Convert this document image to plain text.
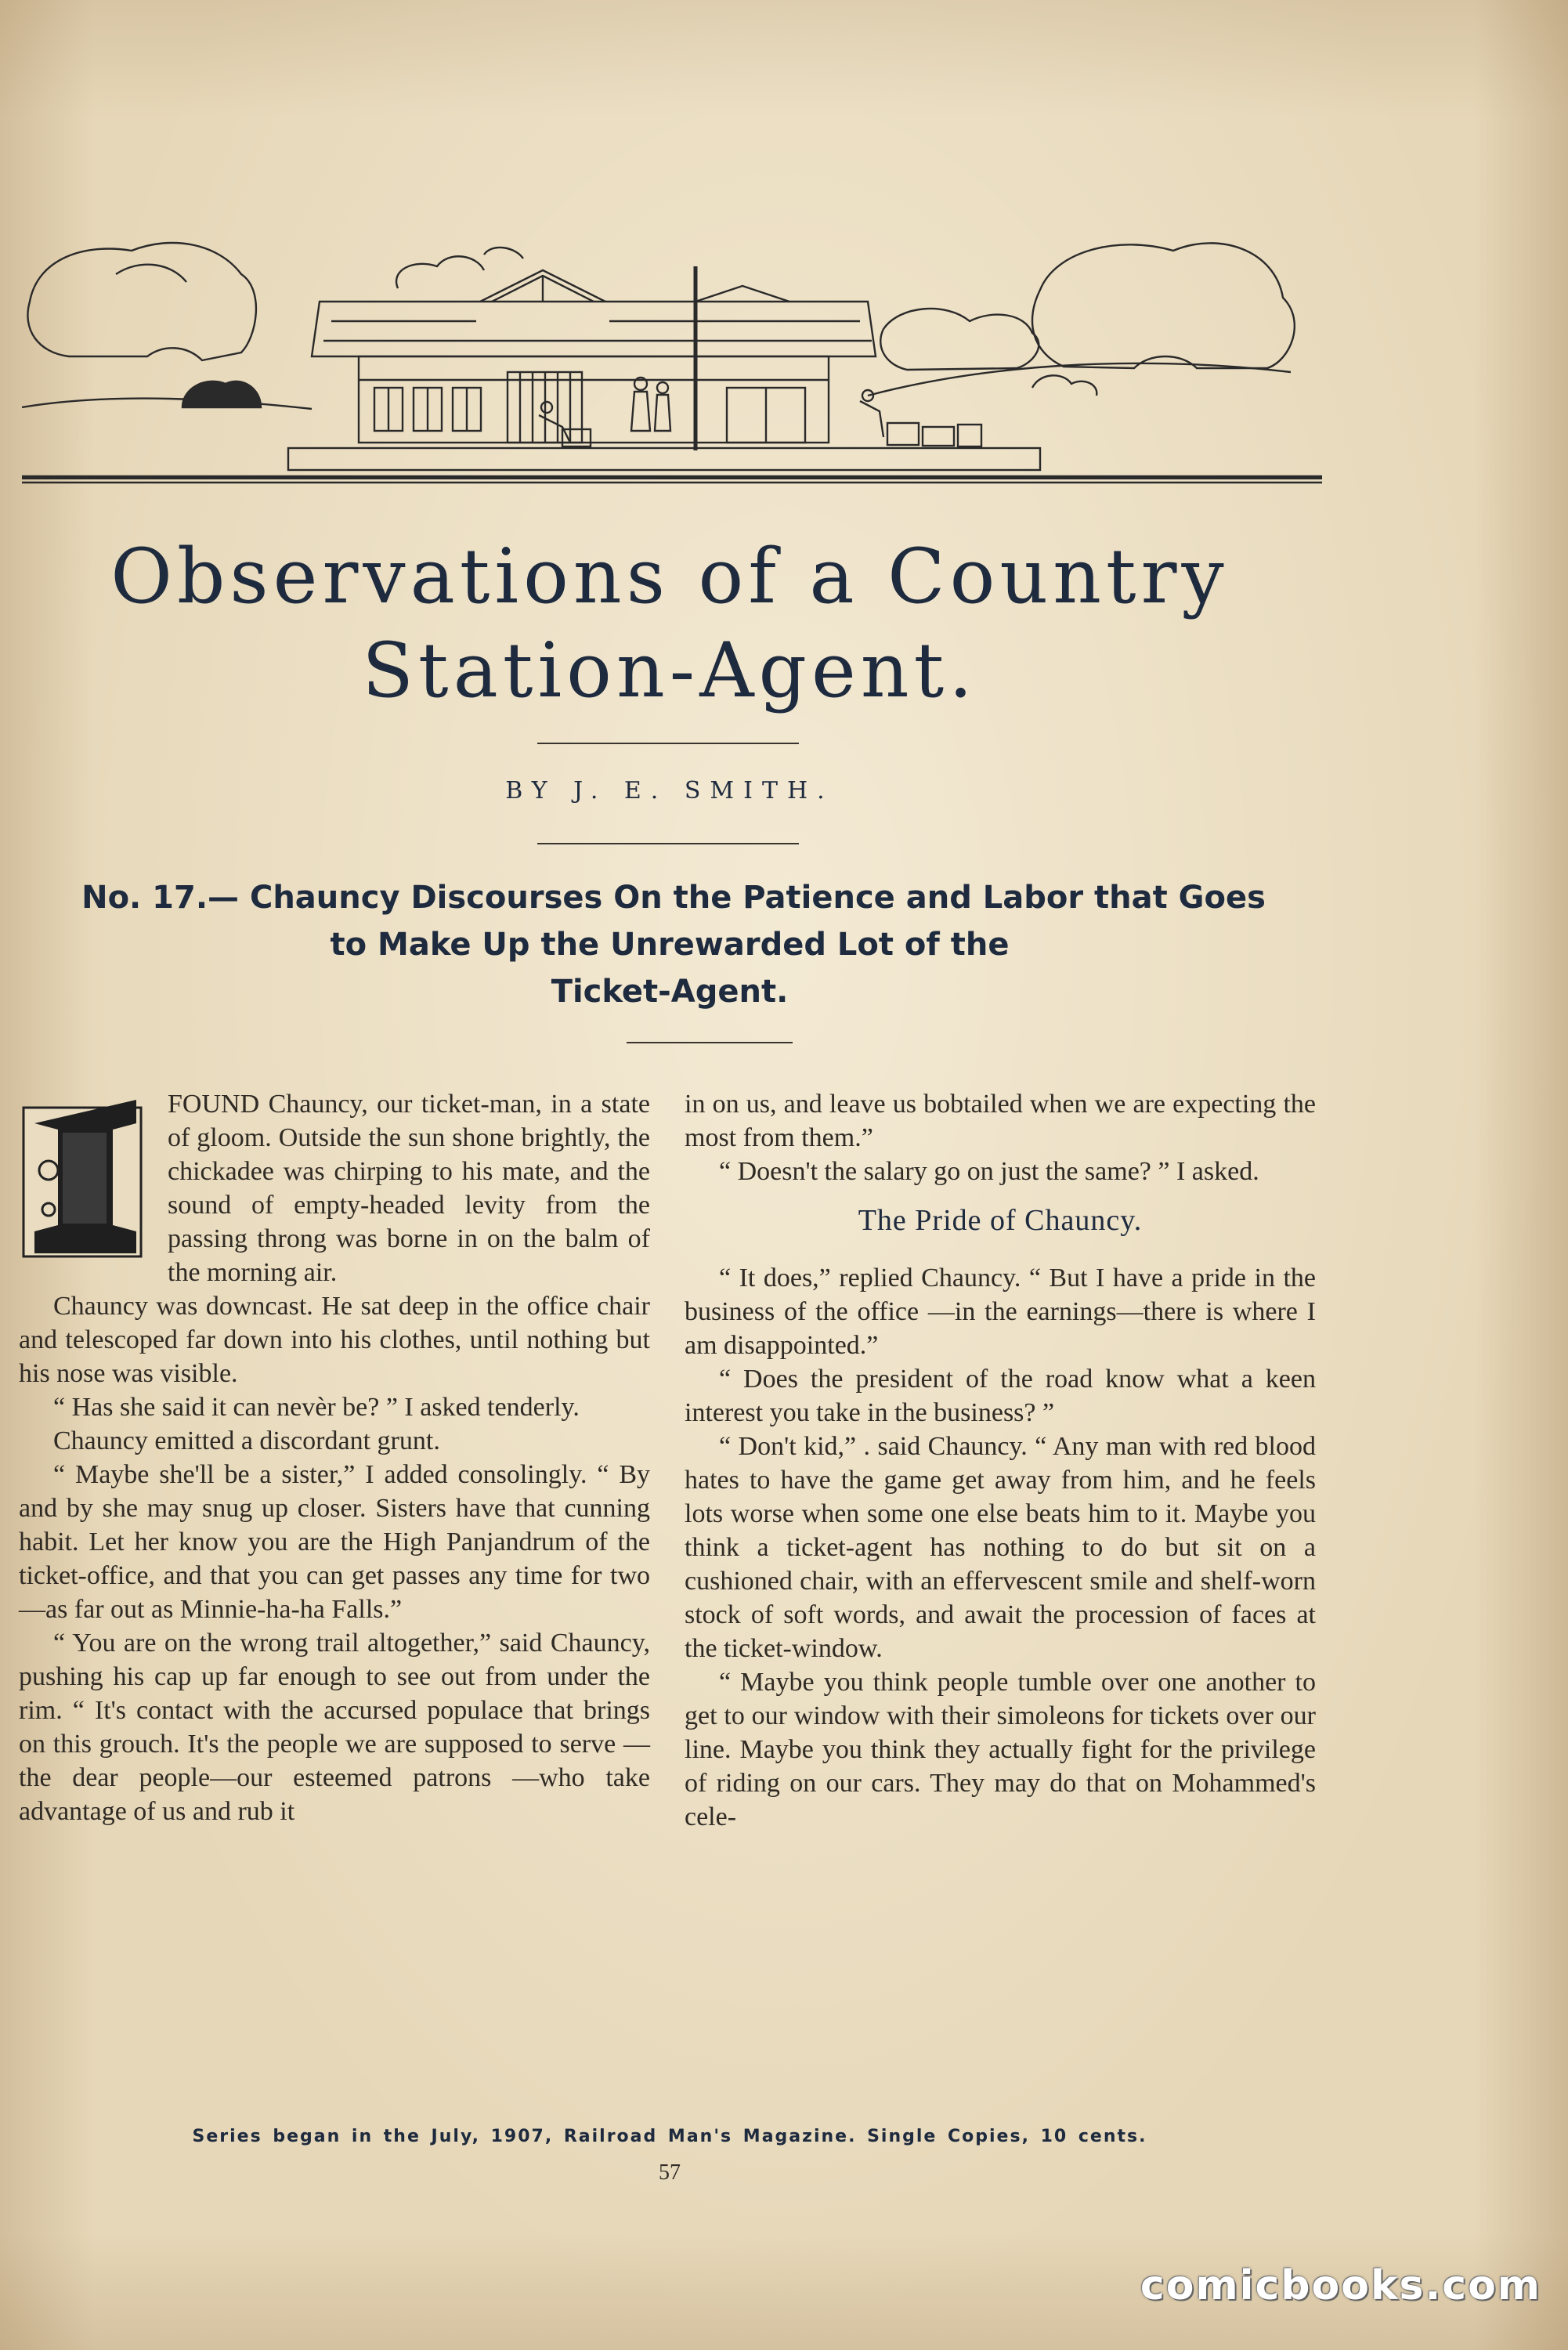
Observations of a Country
Station-Agent.
BY J. E. SMITH.
No. 17.— Chauncy Discourses On the Patience and Labor that Goes
to Make Up the Unrewarded Lot of the
Ticket-Agent.

FOUND Chauncy, our ticket-man, in a state of gloom. Outside the sun shone brightly, the chickadee was chirping to his mate, and the sound of empty-headed levity from the passing throng was borne in on the balm of the morning air.

Chauncy was downcast. He sat deep in the office chair and telescoped far down into his clothes, until nothing but his nose was visible.

“ Has she said it can nevèr be? ” I asked tenderly.

Chauncy emitted a discordant grunt.

“ Maybe she'll be a sister,” I added consolingly. “ By and by she may snug up closer. Sisters have that cunning habit. Let her know you are the High Panjandrum of the ticket-office, and that you can get passes any time for two—as far out as Minnie-ha-ha Falls.”

“ You are on the wrong trail altogether,” said Chauncy, pushing his cap up far enough to see out from under the rim. “ It's contact with the accursed populace that brings on this grouch. It's the people we are supposed to serve —the dear people—our esteemed patrons —who take advantage of us and rub it

in on us, and leave us bobtailed when we are expecting the most from them.”

“ Doesn't the salary go on just the same? ” I asked.

The Pride of Chauncy.

“ It does,” replied Chauncy. “ But I have a pride in the business of the office —in the earnings—there is where I am disappointed.”

“ Does the president of the road know what a keen interest you take in the business? ”

“ Don't kid,” . said Chauncy. “ Any man with red blood hates to have the game get away from him, and he feels lots worse when some one else beats him to it. Maybe you think a ticket-agent has nothing to do but sit on a cushioned chair, with an effervescent smile and shelf-worn stock of soft words, and await the procession of faces at the ticket-window.

“ Maybe you think people tumble over one another to get to our window with their simoleons for tickets over our line. Maybe you think they actually fight for the privilege of riding on our cars. They may do that on Mohammed's cele-

Series began in the July, 1907, Railroad Man's Magazine. Single Copies, 10 cents.
57
comicbooks.com
